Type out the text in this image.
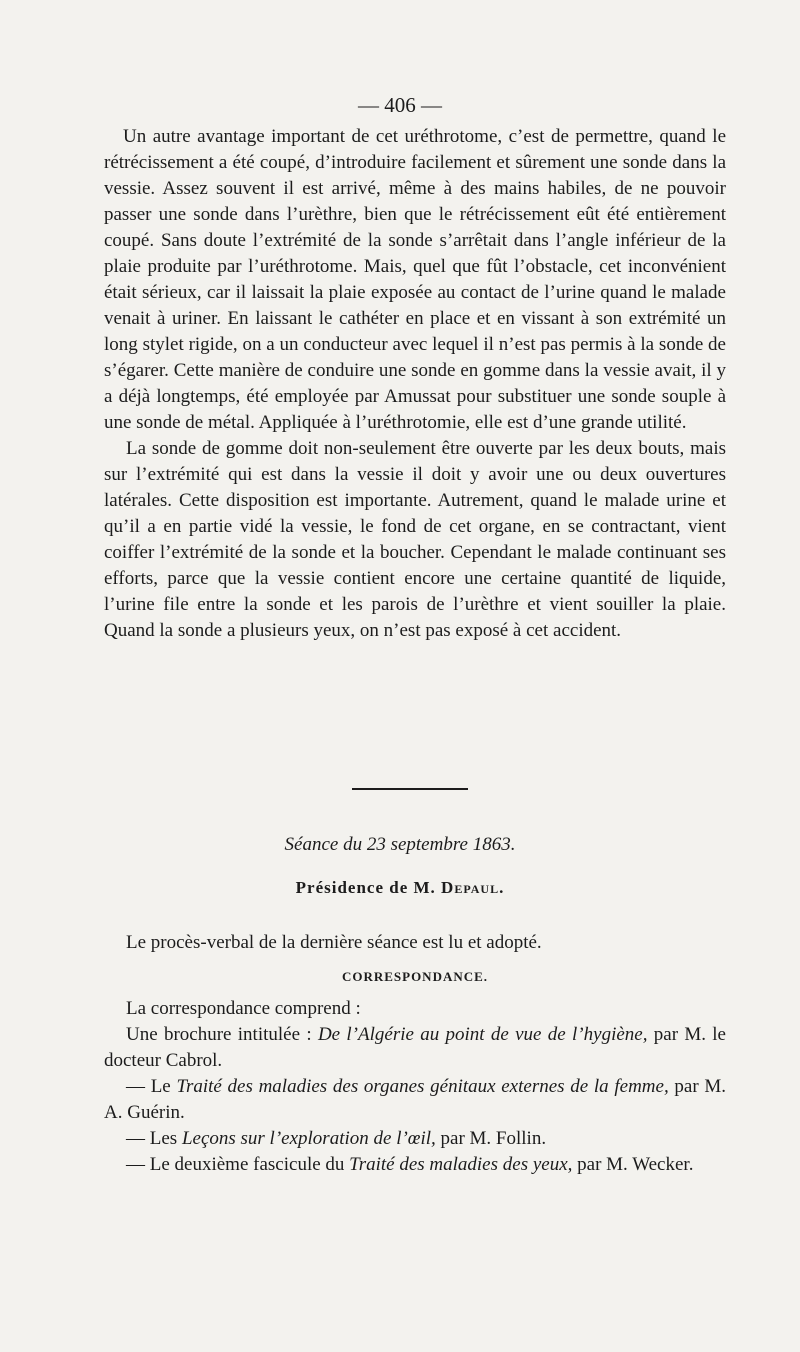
— 406 —

Un autre avantage important de cet uréthrotome, c’est de permettre, quand le rétrécissement a été coupé, d’introduire facilement et sûrement une sonde dans la vessie. Assez souvent il est arrivé, même à des mains habiles, de ne pouvoir passer une sonde dans l’urèthre, bien que le rétrécissement eût été entièrement coupé. Sans doute l’extrémité de la sonde s’arrêtait dans l’angle inférieur de la plaie produite par l’uréthrotome. Mais, quel que fût l’obstacle, cet inconvénient était sérieux, car il laissait la plaie exposée au contact de l’urine quand le malade venait à uriner. En laissant le cathéter en place et en vissant à son extrémité un long stylet rigide, on a un conducteur avec lequel il n’est pas permis à la sonde de s’égarer. Cette manière de conduire une sonde en gomme dans la vessie avait, il y a déjà longtemps, été employée par Amussat pour substituer une sonde souple à une sonde de métal. Appliquée à l’uréthrotomie, elle est d’une grande utilité.

La sonde de gomme doit non-seulement être ouverte par les deux bouts, mais sur l’extrémité qui est dans la vessie il doit y avoir une ou deux ouvertures latérales. Cette disposition est importante. Autrement, quand le malade urine et qu’il a en partie vidé la vessie, le fond de cet organe, en se contractant, vient coiffer l’extrémité de la sonde et la boucher. Cependant le malade continuant ses efforts, parce que la vessie contient encore une certaine quantité de liquide, l’urine file entre la sonde et les parois de l’urèthre et vient souiller la plaie. Quand la sonde a plusieurs yeux, on n’est pas exposé à cet accident.

Séance du 23 septembre 1863.
Présidence de M. Depaul.

Le procès-verbal de la dernière séance est lu et adopté.

CORRESPONDANCE.

La correspondance comprend :

Une brochure intitulée : De l’Algérie au point de vue de l’hygiène, par M. le docteur Cabrol.

— Le Traité des maladies des organes génitaux externes de la femme, par M. A. Guérin.

— Les Leçons sur l’exploration de l’œil, par M. Follin.

— Le deuxième fascicule du Traité des maladies des yeux, par M. Wecker.
